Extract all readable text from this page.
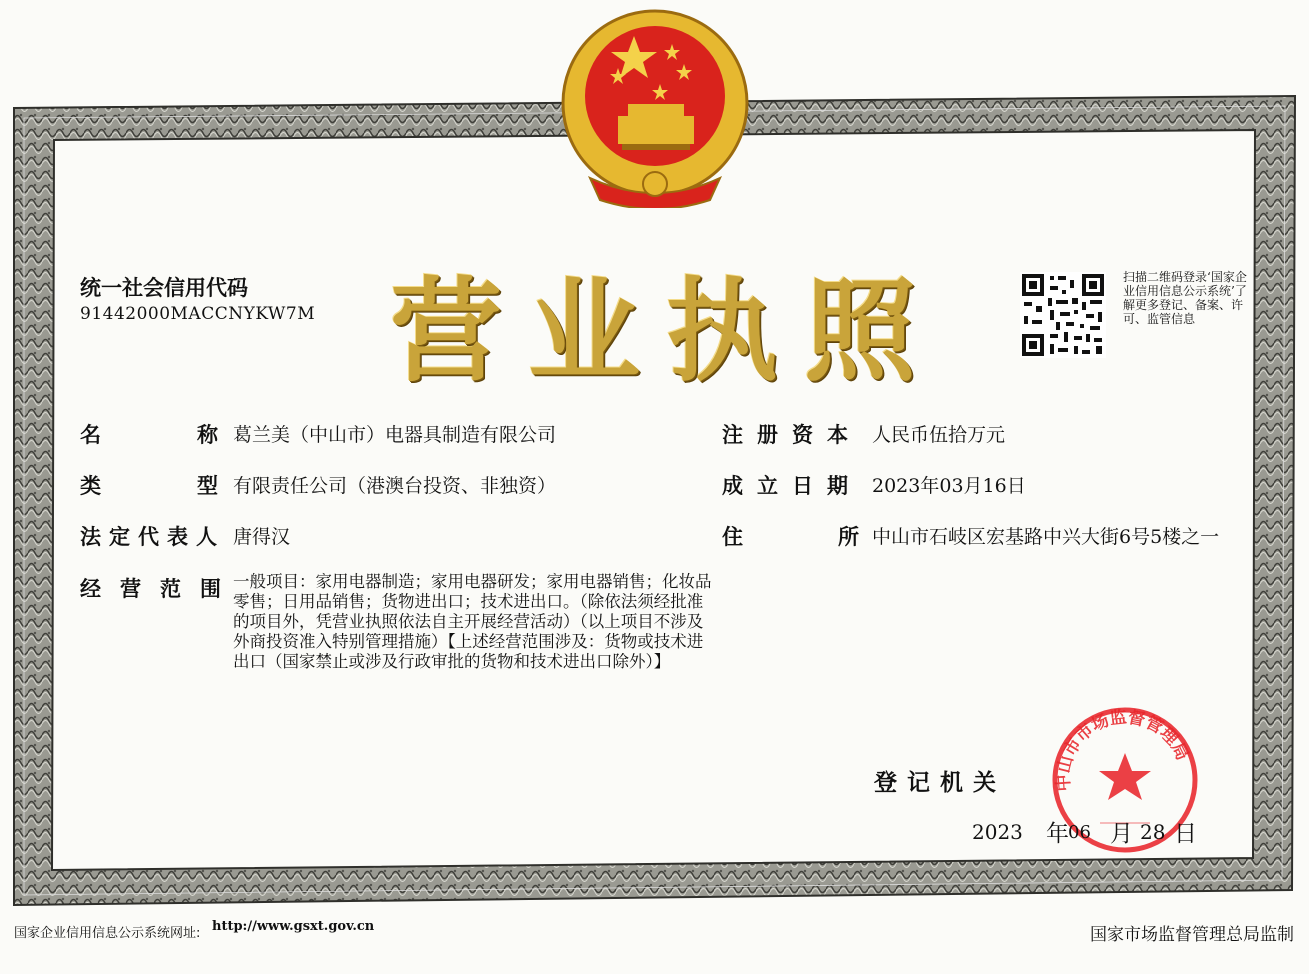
统一社会信用代码
91442000MACCNYKW7M 营业执照	扫描二维码登录‘国家企业信用信息公示系统’了解更多登记、备案、许可、监管信息
名	称 葛兰美（中山市）电器具制造有限公司
类	型 有限责任公司（港澳台投资、非独资）
法定代表人 唐得汉
经营范围
一般项目：家用电器制造；家用电器研发；家用电器销售；化妆品零售；日用品销售；货物进出口；技术进出口。（除依法须经批准的项目外，凭营业执照依法自主开展经营活动）（以上项目不涉及外商投资准入特别管理措施）【上述经营范围涉及：货物或技术进出口（国家禁止或涉及行政审批的货物和技术进出口除外）】
注册资本 人民币伍拾万元
成立日期 2023年03月16日
住	所 中山市石岐区宏基路中兴大街6号5楼之一
登记机关	中山市市场监督管理局
2023 年 06 月 28 日
国家企业信用信息公示系统网址: http://www.gsxt.gov.cn	国家市场监督管理总局监制
